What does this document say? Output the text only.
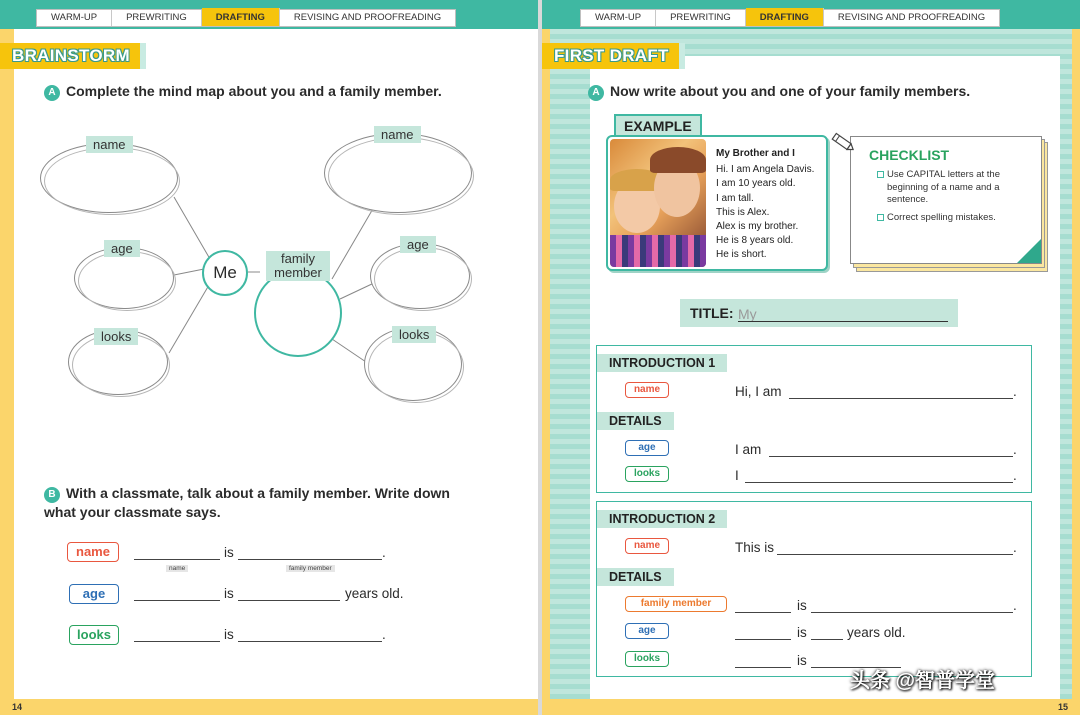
WARM-UP	PREWRITING	DRAFTING	REVISING AND PROOFREADING
BRAINSTORM
A Complete the mind map about you and a family member.
name
age
looks
Me
family member
name
age
looks
B With a classmate, talk about a family member. Write down what your classmate says.
name	is	.
name	family member
age	is	years old.
looks	is	.
14
WARM-UP	PREWRITING	DRAFTING	REVISING AND PROOFREADING
FIRST DRAFT
A Now write about you and one of your family members.
EXAMPLE
My Brother and I
Hi. I am Angela Davis.
I am 10 years old.
I am tall.
This is Alex.
Alex is my brother.
He is 8 years old.
He is short.
CHECKLIST
Use CAPITAL letters at the beginning of a name and a sentence.
Correct spelling mistakes.
TITLE: My
INTRODUCTION 1
name	Hi, I am	.
DETAILS
age	I am	.
looks	I	.
INTRODUCTION 2
name	This is	.
DETAILS
family member	is	.
age	is	years old.
looks	is
头条 @智普学堂
15
